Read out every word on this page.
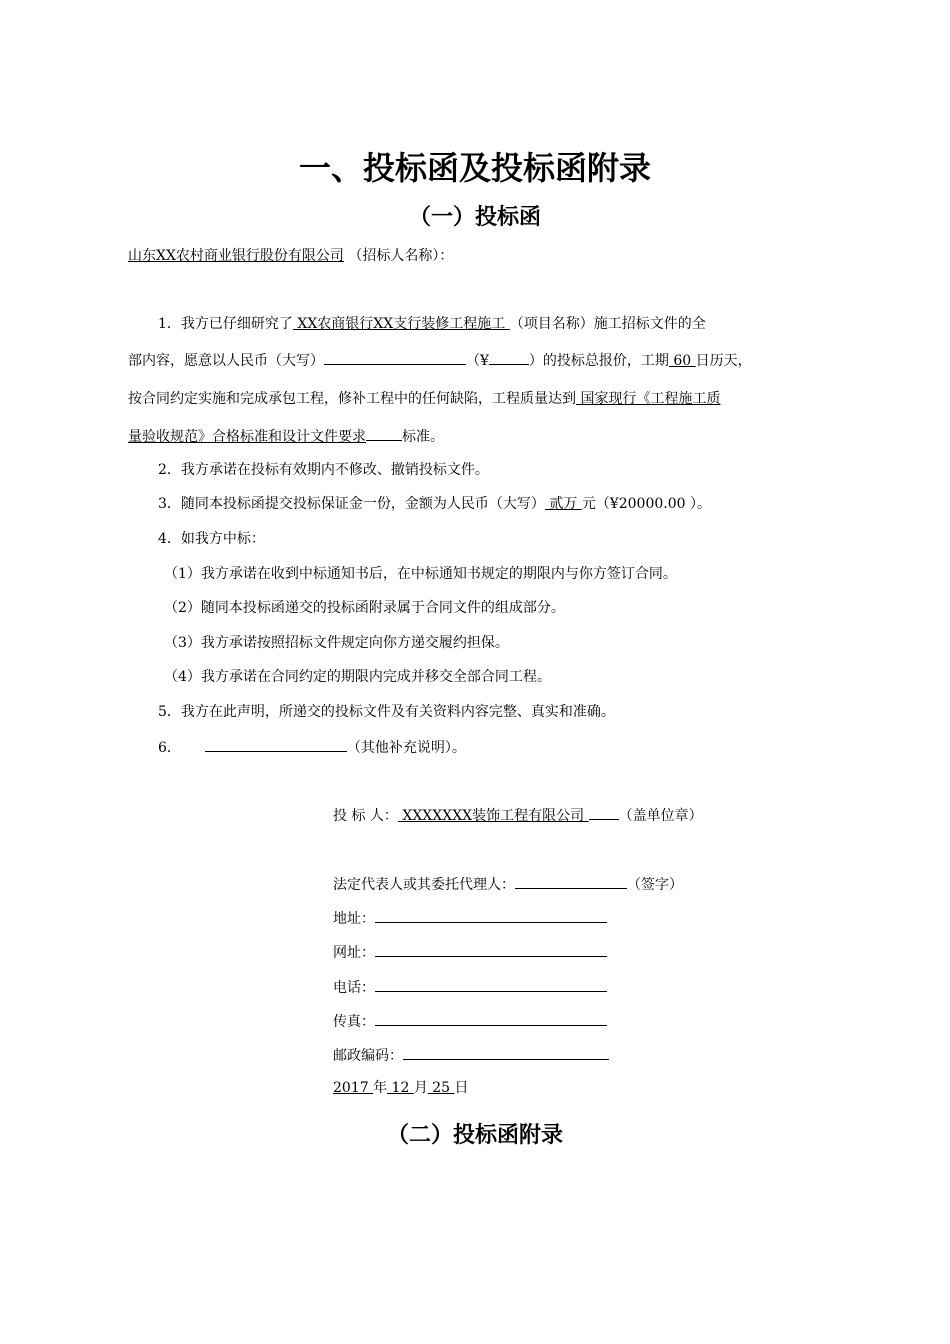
一、投标函及投标函附录
（一）投标函
山东XX农村商业银行股份有限公司 （招标人名称）：
1．我方已仔细研究了 XX农商银行XX支行装修工程施工 （项目名称）施工招标文件的全
部内容，愿意以人民币（大写）	（¥	）的投标总报价，工期 60 日历天，
按合同约定实施和完成承包工程，修补工程中的任何缺陷，工程质量达到 国家现行《工程施工质
量验收规范》合格标准和设计文件要求	标准。
2．我方承诺在投标有效期内不修改、撤销投标文件。
3．随同本投标函提交投标保证金一份，金额为人民币（大写） 贰万 元（¥20000.00 ）。
4．如我方中标：
（1）我方承诺在收到中标通知书后，在中标通知书规定的期限内与你方签订合同。
（2）随同本投标函递交的投标函附录属于合同文件的组成部分。
（3）我方承诺按照招标文件规定向你方递交履约担保。
（4）我方承诺在合同约定的期限内完成并移交全部合同工程。
5．我方在此声明，所递交的投标文件及有关资料内容完整、真实和准确。
6．	（其他补充说明）。
投 标 人： XXXXXXX装饰工程有限公司 （盖单位章）
法定代表人或其委托代理人：	（签字）
地址：
网址：
电话：
传真：
邮政编码：
2017 年 12 月 25 日
（二）投标函附录
